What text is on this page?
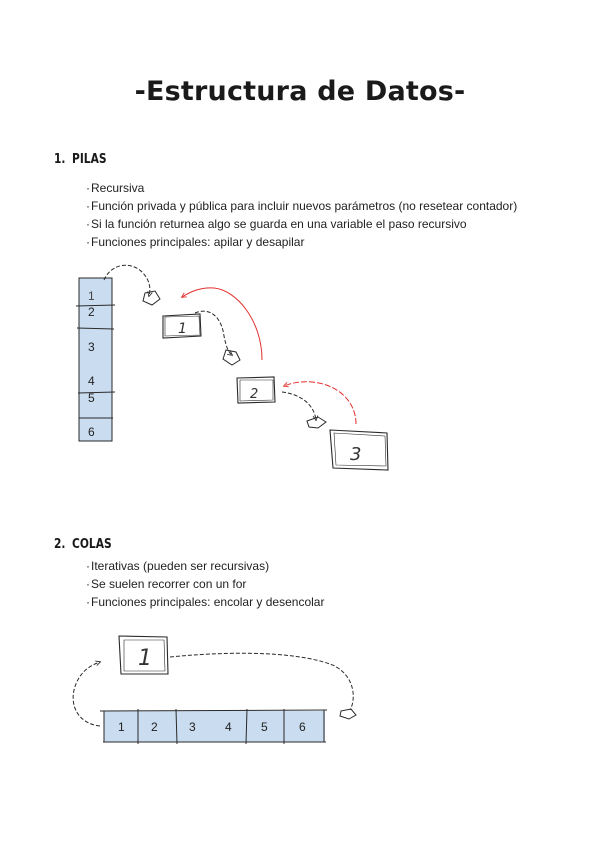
-Estructura de Datos-
1. PILAS
·Recursiva
·Función privada y pública para incluir nuevos parámetros (no resetear contador)
·Si la función returnea algo se guarda en una variable el paso recursivo
·Funciones principales: apilar y desapilar
2. COLAS
·Iterativas (pueden ser recursivas)
·Se suelen recorrer con un for
·Funciones principales: encolar y desencolar
1
2
3
4
5
6
1
2
3
1 2	3 4 5	6
1
